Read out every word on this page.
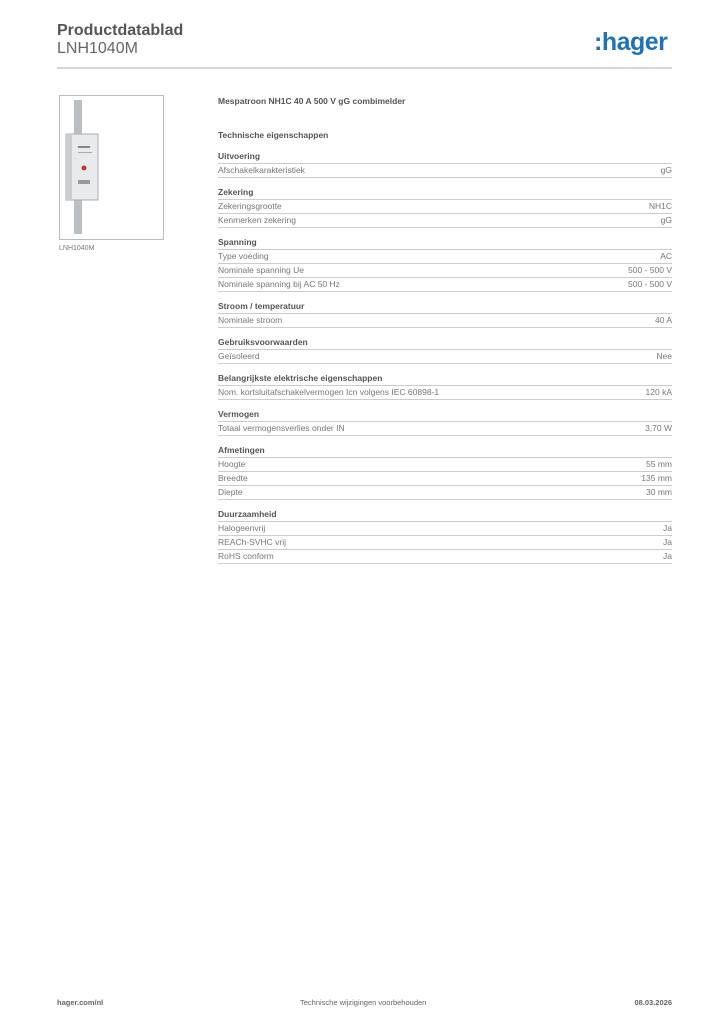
Productdatablad
LNH1040M	:hager
LNH1040M
Mespatroon NH1C 40 A 500 V gG combimelder
Technische eigenschappen
Uitvoering
Afschakelkarakteristiek	gG
Zekering
Zekeringsgrootte	NH1C
Kenmerken zekering	gG
Spanning
Type voeding	AC
Nominale spanning Ue	500 - 500 V
Nominale spanning bij AC 50 Hz	500 - 500 V
Stroom / temperatuur
Nominale stroom	40 A
Gebruiksvoorwaarden
Geïsoleerd	Nee
Belangrijkste elektrische eigenschappen
Nom. kortsluitafschakelvermogen Icn volgens IEC 60898-1	120 kA
Vermogen
Totaal vermogensverlies onder IN	3,70 W
Afmetingen
Hoogte	55 mm
Breedte	135 mm
Diepte	30 mm
Duurzaamheid
Halogeenvrij	Ja
REACh-SVHC vrij	Ja
RoHS conform	Ja
hager.com/nl	Technische wijzigingen voorbehouden	08.03.2026
